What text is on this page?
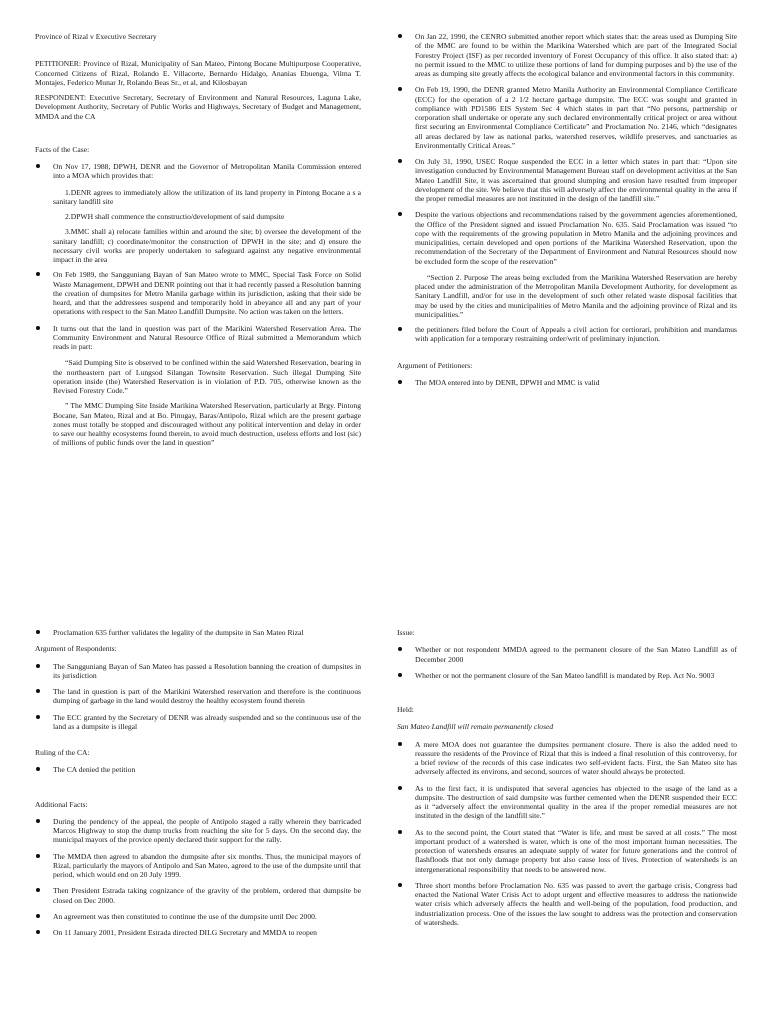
Province of Rizal v Executive Secretary

PETITIONER: Province of Rizal, Municipality of San Mateo, Pintong Bocane Multipurpose Cooperative, Concerned Citizens of Rizal, Rolando E. Villacorte, Bernardo Hidalgo, Ananias Ebuenga, Vilma T. Montajes, Federico Munar Jr, Rolando Beas Sr., et al, and Kilosbayan

RESPONDENT: Executive Secretary, Secretary of Environment and Natural Resources, Laguna Lake, Development Authority, Secretary of Public Works and Highways, Secretary of Budget and Management, MMDA and the CA

Facts of the Case:

On Nov 17, 1988, DPWH, DENR and the Governor of Metropolitan Manila Commission entered into a MOA which provides that:

1.DENR agrees to immediately allow the utilization of its land property in Pintong Bocane a s a sanitary landfill site

2.DPWH shall commence the constructio/development of said dumpsite

3.MMC shall a) relocate families within and around the site; b) oversee the development of the sanitary landfill; c) coordinate/monitor the construction of DPWH in the site; and d) ensure the necessary civil works are properly undertaken to safeguard against any negative environmental impact in the area

On Feb 1989, the Sangguniang Bayan of San Mateo wrote to MMC, Special Task Force on Solid Waste Management, DPWH and DENR pointing out that it had recently passed a Resolution banning the creation of dumpsites for Metro Manila garbage within its jurisdiction, asking that their side be heard, and that the addressees suspend and temporarily hold in abeyance all and any part of your operations with respect to the San Mateo Landfill Dumpsite. No action was taken on the letters.
It turns out that the land in question was part of the Marikini Watershed Reservation Area. The Community Environment and Natural Resource Office of Rizal submitted a Memorandum which reads in part:

“Said Dumping Site is observed to be confined within the said Watershed Reservation, bearing in the northeastern part of Lungsod Silangan Townsite Reservation. Such illegal Dumping Site operation inside (the) Watershed Reservation is in violation of P.D. 705, otherwise known as the Revised Forestry Code.”

” The MMC Dumping Site Inside Marikina Watershed Reservation, particularly at Brgy. Pintong Bocane, San Mateo, Rizal and at Bo. Pinugay, Baras/Antipolo, Rizal which are the present garbage zones must totally be stopped and discouraged without any political intervention and delay in order to save our healthy ecosystems found therein, to avoid much destruction, useless efforts and lost (sic) of millions of public funds over the land in question”

On Jan 22, 1990, the CENRO submitted another report which states that: the areas used as Dumping Site of the MMC are found to be within the Marikina Watershed which are part of the Integrated Social Forestry Project (ISF) as per recorded inventory of Forest Occupancy of this office. It also stated that: a) no permit issued to the MMC to utilize these portions of land for dumping purposes and b) the use of the areas as dumping site greatly affects the ecological balance and environmental factors in this community.
On Feb 19, 1990, the DENR granted Metro Manila Authority an Environmental Compliance Certificate (ECC) for the operation of a 2 1/2 hectare garbage dumpsite. The ECC was sought and granted in compliance with PD1586 EIS System Sec 4 which states in part that “No persons, partnership or corporation shall undertake or operate any such declared environmentally critical project or area without first securing an Environmental Compliance Certificate” and Proclamation No. 2146, which “designates all areas declared by law as national parks, watershed reserves, wildlife preserves, and sanctuaries as Environmentally Critical Areas.”
On July 31, 1990, USEC Roque suspended the ECC in a letter which states in part that: “Upon site investigation conducted by Environmental Management Bureau staff on development activities at the San Mateo Landfill Site, it was ascertained that ground slumping and erosion have resulted from improper development of the site. We believe that this will adversely affect the environmental quality in the area if the proper remedial measures are not instituted in the design of the landfill site.”
Despite the various objections and recommendations raised by the government agencies aforementioned, the Office of the President signed and issued Proclamation No. 635. Said Proclamation was issued “to cope with the requirements of the growing population in Metro Manila and the adjoining provinces and municipalities, certain developed and open portions of the Marikina Watershed Reservation, upon the recommendation of the Secretary of the Department of Environment and Natural Resources should now be excluded form the scope of the reservation”

“Section 2. Purpose The areas being excluded from the Marikina Watershed Reservation are hereby placed under the administration of the Metropolitan Manila Development Authority, for development as Sanitary Landfill, and/or for use in the development of such other related waste disposal facilities that may be used by the cities and municipalities of Metro Manila and the adjoining province of Rizal and its municipalities.”

the petitioners filed before the Court of Appeals a civil action for certiorari, prohibition and mandamus with application for a temporary restraining order/writ of preliminary injunction.

Argument of Petitioners:

The MOA entered into by DENR, DPWH and MMC is valid
Proclamation 635 further validates the legality of the dumpsite in San Mateo Rizal

Argument of Respondents:

The Sangguniang Bayan of San Mateo has passed a Resolution banning the creation of dumpsites in its jurisdiction
The land in question is part of the Marikini Watershed reservation and therefore is the continuous dumping of garbage in the land would destroy the healthy ecosystem found therein
The ECC granted by the Secretary of DENR was already suspended and so the continuous use of the land as a dumpsite is illegal

Ruling of the CA:

The CA denied the petition

Additional Facts:

During the pendency of the appeal, the people of Antipolo staged a rally wherein they barricaded Marcos Highway to stop the dump trucks from reaching the site for 5 days. On the second day, the municipal mayors of the provice openly declared their support for the rally.
The MMDA then agreed to abandon the dumpsite after six months. Thus, the municipal mayors of Rizal, particularly the mayors of Antipolo and San Mateo, agreed to the use of the dumpsite until that period, which would end on 20 July 1999.
Then President Estrada taking cognizance of the gravity of the problem, ordered that dumpsite be closed on Dec 2000.
An agreement was then constituted to continue the use of the dumpsite until Dec 2000.
On 11 January 2001, President Estrada directed DILG Secretary and MMDA to reopen

Issue:

Whether or not respondent MMDA agreed to the permanent closure of the San Mateo Landfill as of December 2000
Whether or not the permanent closure of the San Mateo landfill is mandated by Rep. Act No. 9003

Held:

San Mateo Landfill will remain permanently closed

A mere MOA does not guarantee the dumpsites permanent closure. There is also the added need to reassure the residents of the Province of Rizal that this is indeed a final resolution of this controversy, for a brief review of the records of this case indicates two self-evident facts. First, the San Mateo site has adversely affected its environs, and second, sources of water should always be protected.
As to the first fact, it is undisputed that several agencies has objected to the usage of the land as a dumpsite. The destruction of said dumpsite was further cemented when the DENR suspended their ECC as it “adversely affect the environmental quality in the area if the proper remedial measures are not instituted in the design of the landfill site.”
As to the second point, the Court stated that “Water is life, and must be saved at all costs.” The most important product of a watershed is water, which is one of the most important human necessities. The protection of watersheds ensures an adequate supply of water for future generations and the control of flashfloods that not only damage property but also cause loss of lives. Protection of watersheds is an intergenerational responsibility that needs to be answered now.
Three short months before Proclamation No. 635 was passed to avert the garbage crisis, Congress had enacted the National Water Crisis Act to adopt urgent and effective measures to address the nationwide water crisis which adversely affects the health and well-being of the population, food production, and industrialization process. One of the issues the law sought to address was the protection and conservation of watersheds.
